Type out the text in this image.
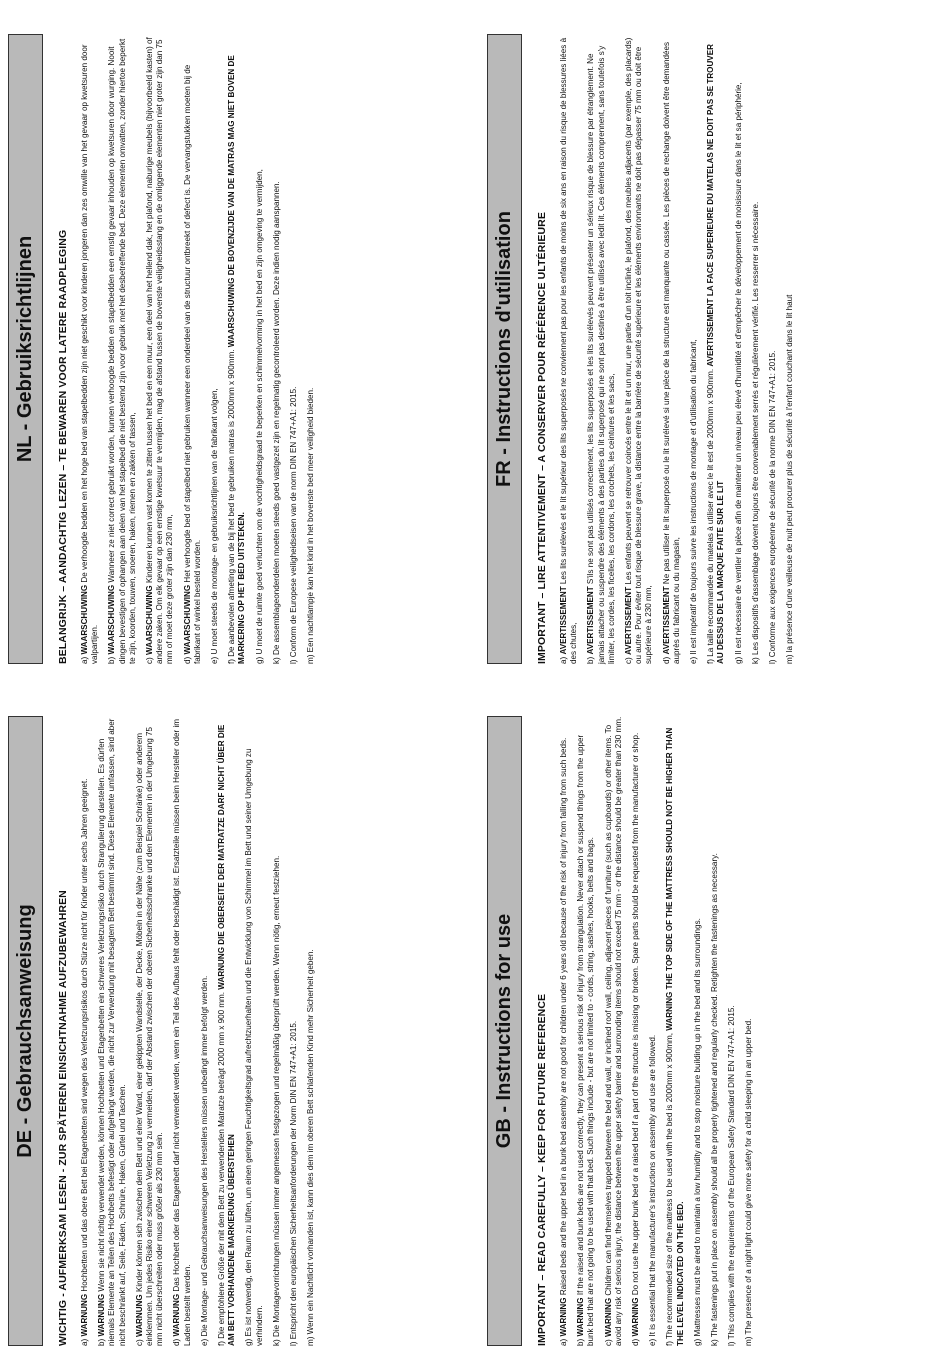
DE - Gebrauchsanweisung WICHTIG - AUFMERKSAM LESEN - ZUR SPÄTEREN EINSICHTNAHME AUFZUBEWAHREN a) WARNUNG Hochbetten und das obere Bett bei Etagenbetten sind wegen des Verletzungsrisikos durch Stürze nicht für Kinder unter sechs Jahren geeignet.

b) WARNUNG Wenn sie nicht richtig verwendet werden, können Hochbetten und Etagenbetten ein schweres Verletzungsrisiko durch Strangulierung darstellen. Es dürfen niemals Elemente an Teilen des Hochbetts befestigt oder aufgehängt werden, die nicht zur Verwendung mit besagtem Bett bestimmt sind. Diese Elemente umfassen, sind aber nicht beschränkt auf, Seile, Fäden, Schnüre, Haken, Gürtel und Taschen. c) WARNUNG Kinder können sich zwischen dem Bett und einer Wand, einer gekippten Wandstelle, der Decke, Möbeln in der Nähe (zum Beispiel Schränke) oder anderem einklemmen. Um jedes Risiko einer schweren Verletzung zu vermeiden, darf der Abstand zwischen der oberen Sicherheitsschranke und den Elementen in der Umgebung 75 mm nicht überschreiten oder muss größer als 230 mm sein. d) WARNUNG Das Hochbett oder das Etagenbett darf nicht verwendet werden, wenn ein Teil des Aufbaus fehlt oder beschädigt ist. Ersatzteile müssen beim Hersteller oder im Laden bestellt werden. e) Die Montage- und Gebrauchsanweisungen des Herstellers müssen unbedingt immer befolgt werden.

f) Die empfohlene Größe der mit dem Bett zu verwendenden Matratze beträgt 2000 mm x 900 mm. WARNUNG DIE OBERSEITE DER MATRATZE DARF NICHT ÜBER DIE AM BETT VORHANDENE MARKIERUNG ÜBERSTEHEN g) Es ist notwendig, den Raum zu lüften, um einen geringen Feuchtigkeitsgrad aufrechtzuerhalten und die Entwicklung von Schimmel im Bett und seiner Umgebung zu verhindern. k) Die Montagevorrichtungen müssen immer angemessen festgezogen und regelmäßig überprüft werden. Wenn nötig, erneut festziehen.

l) Entspricht den europäischen Sicherheitsanforderungen der Norm DIN EN 747+A1: 2015.

m) Wenn ein Nachtlicht vorhanden ist, kann dies dem im oberen Bett schlafenden Kind mehr Sicherheit geben.	GB - Instructions for use IMPORTANT – READ CAREFULLY – KEEP FOR FUTURE REFERENCE a) WARNING Raised beds and the upper bed in a bunk bed assembly are not good for children under 6 years old because of the risk of injury from falling from such beds.

b) WARNING If the raised and bunk beds are not used correctly, they can present a serious risk of injury from strangulation. Never attach or suspend things from the upper bunk bed that are not going to be used with that bed. Such things include - but are not limited to - cords, string, sashes, hooks, belts and bags. c) WARNING Children can find themselves trapped between the bed and wall, or inclined roof wall, ceiling, adjacent pieces of furniture (such as cupboards) or other items. To avoid any risk of serious injury, the distance between the upper safety barrier and surrounding items should not exceed 75 mm - or the distance should be greater than 230 mm. d) WARNING Do not use the upper bunk bed or a raised bed if a part of the structure is missing or broken. Spare parts should be requested from the manufacturer or shop.

e) It is essential that the manufacturer's instructions on assembly and use are followed.

f) The recommended size of the mattress to be used with the bed is 2000mm x 900mm, WARNING THE TOP SIDE OF THE MATTRESS SHOULD NOT BE HIGHER THAN THE LEVEL INDICATED ON THE BED. g) Mattresses must be aired to maintain a low humidity and to stop moisture building up in the bed and its surroundings.

k) The fastenings put in place on assembly should all be properly tightened and regularly checked. Retighten the fastenings as necessary.

l) This complies with the requirements of the European Safety Standard DIN EN 747+A1: 2015.

m) The presence of a night light could give more safety for a child sleeping in an upper bed.

NL - Gebruiksrichtlijnen BELANGRIJK – AANDACHTIG LEZEN – TE BEWAREN VOOR LATERE RAADPLEGING a) WAARSCHUWING De verhoogde bedden en het hoge bed van stapelbedden zijn niet geschikt voor kinderen jongeren dan zes omwille van het gevaar op kwetsuren door valpartijen. b) WAARSCHUWING Wanneer ze niet correct gebruikt worden, kunnen verhoogde bedden en stapelbedden een ernstig gevaar inhouden op kwetsuren door wurging. Nooit dingen bevestigen of ophangen aan delen van het stapelbed die niet bestemd zijn voor gebruik met het desbetreffende bed. Deze elementen omvatten, zonder hiertoe beperkt te zijn, koorden, touwen, snoeren, haken, riemen en zakken of tassen, c) WAARSCHUWING Kinderen kunnen vast komen te zitten tussen het bed en een muur, een deel van het hellend dak, het plafond, naburige meubels (bijvoorbeeld kasten) of andere zaken. Om elk gevaar op een ernstige kwetsuur te vermijden, mag de afstand tussen de bovenste veiligheidsstang en de omliggende elementen niet groter zijn dan 75 mm of moet deze groter zijn dan 230 mm, d) WAARSCHUWING Het verhoogde bed of stapelbed niet gebruiken wanneer een onderdeel van de structuur ontbreekt of defect is. De vervangstukken moeten bij de fabrikant of winkel besteld worden. e) U moet steeds de montage- en gebruiksrichtlijnen van de fabrikant volgen,

f) De aanbevolen afmeting van de bij het bed te gebruiken matras is 2000mm x 900mm. WAARSCHUWING DE BOVENZIJDE VAN DE MATRAS MAG NIET BOVEN DE MARKERING OP HET BED UITSTEKEN. g) U moet de ruimte goed verluchten om de vochtigheidsgraad te beperken en schimmelvorming in het bed en zijn omgeving te vermijden,

k) De assemblageonderdelen moeten steeds goed vastgezet zijn en regelmatig gecontroleerd worden. Deze indien nodig aanspannen.

l) Conform de Europese veiligheidseisen van de norm DIN EN 747+A1: 2015.

m) Een nachtlampje kan het kind in het bovenste bed meer veiligheid bieden.

FR - Instructions d'utilisation IMPORTANT – LIRE ATTENTIVEMENT – A CONSERVER POUR RÉFÉRENCE ULTÉRIEURE a) AVERTISSEMENT Les lits surélevés et le lit supérieur des lits superposés ne conviennent pas pour les enfants de moins de six ans en raison du risque de blessures liées à des chutes, b) AVERTISSEMENT S'ils ne sont pas utilisés correctement, les lits superposés et les lits surélevés peuvent présenter un sérieux risque de blessure par étranglement. Ne jamais attacher ou suspendre des éléments à des parties du lit superposé qui ne sont pas destinés à être utilisés avec ledit lit. Ces éléments comprennent, sans toutefois s'y limiter, les cordes, les ficelles, les cordons, les crochets, les ceintures et les sacs, c) AVERTISSEMENT Les enfants peuvent se retrouver coincés entre le lit et un mur, une partie d'un toit incliné, le plafond, des meubles adjacents (par exemple, des placards) ou autre. Pour éviter tout risque de blessure grave, la distance entre la barrière de sécurité supérieure et les éléments environnants ne doit pas dépasser 75 mm ou doit être supérieure à 230 mm, d) AVERTISSEMENT Ne pas utiliser le lit superposé ou le lit surélevé si une pièce de la structure est manquante ou cassée. Les pièces de rechange doivent être demandées auprès du fabricant ou du magasin, e) Il est impératif de toujours suivre les instructions de montage et d'utilisation du fabricant,

f) La taille recommandée du matelas à utiliser avec le lit est de 2000mm x 900mm. AVERTISSEMENT LA FACE SUPERIEURE DU MATELAS NE DOIT PAS SE TROUVER AU DESSUS DE LA MARQUE FAITE SUR LE LIT g) Il est nécessaire de ventiler la pièce afin de maintenir un niveau peu élevé d'humidité et d'empêcher le développement de moisissure dans le lit et sa périphérie,

k) Les dispositifs d'assemblage doivent toujours être convenablement serrés et régulièrement vérifié. Les resserrer si nécessaire.

l) Conforme aux exigences européenne de sécurité de la norme DIN EN 747+A1: 2015.

m) la présence d'une veilleuse de nuit peut procurer plus de sécurité à l'enfant couchant dans le lit haut
